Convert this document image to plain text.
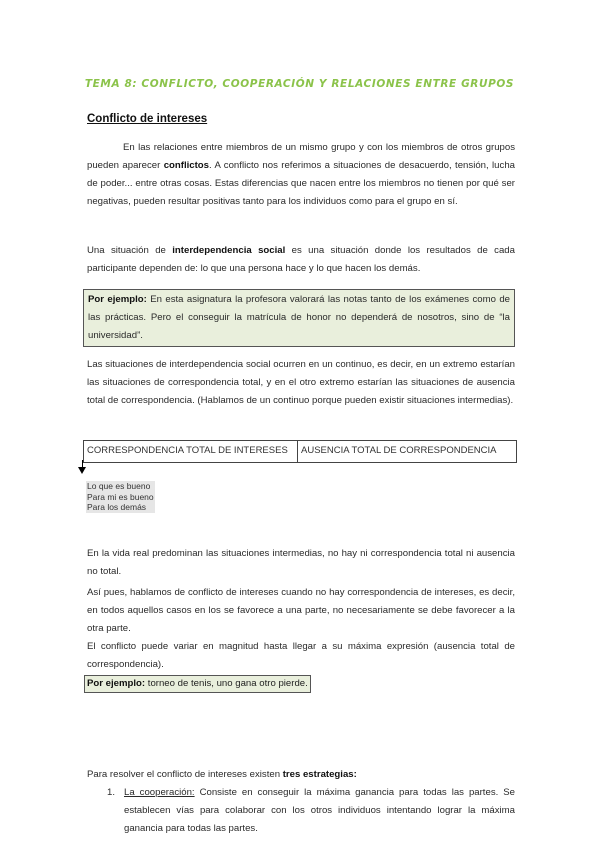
TEMA 8: CONFLICTO, COOPERACIÓN Y RELACIONES ENTRE GRUPOS
Conflicto de intereses
En las relaciones entre miembros de un mismo grupo y con los miembros de otros grupos pueden aparecer conflictos. A conflicto nos referimos a situaciones de desacuerdo, tensión, lucha de poder... entre otras cosas. Estas diferencias que nacen entre los miembros no tienen por qué ser negativas, pueden resultar positivas tanto para los individuos como para el grupo en sí.
Una situación de interdependencia social es una situación donde los resultados de cada participante dependen de: lo que una persona hace y lo que hacen los demás.
Por ejemplo: En esta asignatura la profesora valorará las notas tanto de los exámenes como de las prácticas. Pero el conseguir la matrícula de honor no dependerá de nosotros, sino de “la universidad”.
Las situaciones de interdependencia social ocurren en un continuo, es decir, en un extremo estarían las situaciones de correspondencia total, y en el otro extremo estarían las situaciones de ausencia total de correspondencia. (Hablamos de un continuo porque pueden existir situaciones intermedias).
CORRESPONDENCIA TOTAL DE INTERESES	AUSENCIA TOTAL DE CORRESPONDENCIA
Lo que es bueno
Para mi es bueno
Para los demás
En la vida real predominan las situaciones intermedias, no hay ni correspondencia total ni ausencia no total.
Así pues, hablamos de conflicto de intereses cuando no hay correspondencia de intereses, es decir, en todos aquellos casos en los se favorece a una parte, no necesariamente se debe favorecer a la otra parte.
El conflicto puede variar en magnitud hasta llegar a su máxima expresión (ausencia total de correspondencia).
Por ejemplo: torneo de tenis, uno gana otro pierde.
Para resolver el conflicto de intereses existen tres estrategias:
1. La cooperación: Consiste en conseguir la máxima ganancia para todas las partes. Se establecen vías para colaborar con los otros individuos intentando lograr la máxima ganancia para todas las partes.
